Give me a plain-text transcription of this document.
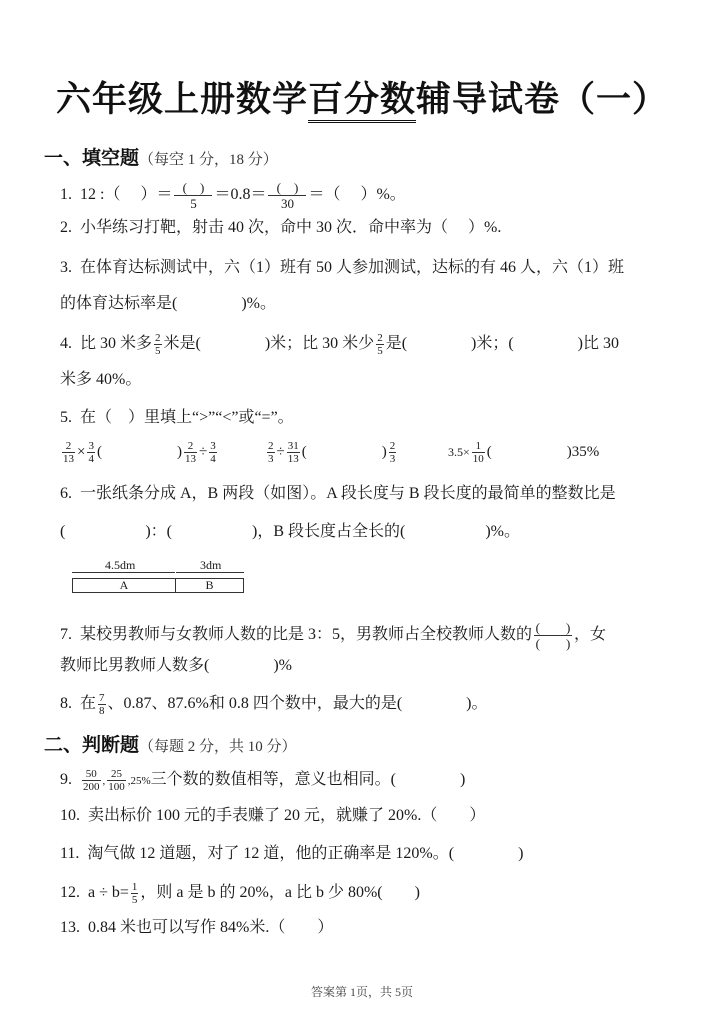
六年级上册数学百分数辅导试卷（一）
一、填空题（每空 1 分，18 分）
1. 12 :（　 ）＝ $\frac{( )}{5} =0.8= \frac{( )}{30}$ ＝（　 ）%。
2. 小华练习打靶，射击 40 次，命中 30 次．命中率为（　 ）%.
3. 在体育达标测试中，六（1）班有 50 人参加测试，达标的有 46 人，六（1）班
的体育达标率是(　　　　)%。
4. 比 30 米多 $\frac{2}{5}$ 米是(　　　　)米；比 30 米少 $\frac{2}{5}$ 是(　　　　)米；(　　　　)比 30
米多 40%。
5. 在（　）里填上“>”“<”或“=”。
$\frac{2}{13} \times \frac{3}{4}$ (　　　　　) $\frac{2}{13} \div \frac{3}{4}$	$\frac{2}{3} \div \frac{31}{13}$ (　　　　　) $\frac{2}{3}$	$3.5\times \frac{1}{10}$ (　　　　　)35%
6. 一张纸条分成 A，B 两段（如图）。A 段长度与 B 段长度的最简单的整数比是
(　　　　　)：(　　　　　)，B 段长度占全长的(　　　　　)%。
4.5dm	3dm
A	B
7. 某校男教师与女教师人数的比是 3：5，男教师占全校教师人数的 $\frac{( )}{( )}$ ，女
教师比男教师人数多(　　　　)%
8. 在 $\frac{7}{8}$ 、0.87、87.6%和 0.8 四个数中，最大的是(　　　　)。
二、判断题（每题 2 分，共 10 分）
9. $\frac{50}{200}$ , $\frac{25}{100} ,25\%$三个数的数值相等，意义也相同。(　　　　)
10. 卖出标价 100 元的手表赚了 20 元，就赚了 20%.（　　）
11. 淘气做 12 道题，对了 12 道，他的正确率是 120%。(　　　　)
12. $a \div b= \frac{1}{5}$ ，则 a 是 b 的 20%，a 比 b 少 80%(　　)
13. 0.84 米也可以写作 84%米.（　　）
答案第 1页，共 5页
